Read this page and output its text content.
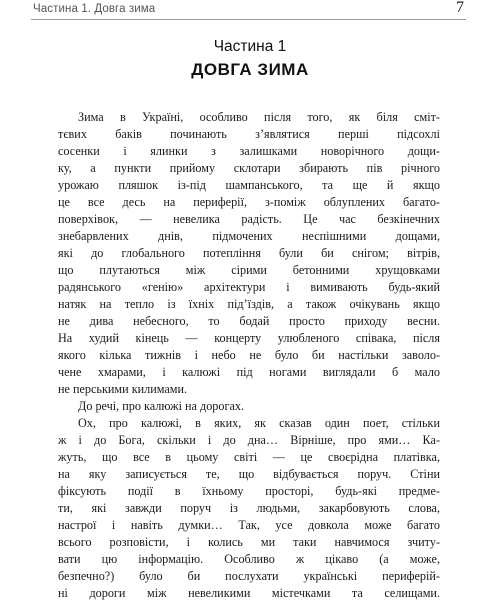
Частина 1. Довга зима	7
Частина 1
ДОВГА ЗИМА
Зима в Україні, особливо після того, як біля смiт-
тєвих баків починають з’являтися перші підсохлі
сосенки і ялинки з залишками новорічного дощи-
ку, а пункти прийому склотари збирають пів річного
урожаю пляшок із-під шампанського, та ще й якщо
це все десь на периферії, з-поміж облуплених багато-
поверхівок, — невелика радість. Це час безкінечних
знебарвлених днів, підмочених неспішними дощами,
які до глобального потепління були би снігом; вітрів,
що плутаються між сірими бетонними хрущовками
радянського «генію» архітектури і вимивають будь-який
натяк на тепло із їхніх під’їздів, а також очікувань якщо
не дива небесного, то бодай просто приходу весни.
На худий кінець — концерту улюбленого співака, після
якого кілька тижнів і небо не було би настільки заволо-
чене хмарами, і калюжі під ногами виглядали б мало
не перськими килимами.
До речі, про калюжі на дорогах.
Ох, про калюжі, в яких, як сказав один поет, стільки
ж і до Бога, скільки і до дна… Вірніше, про ями… Ка-
жуть, що все в цьому світі — це своєрідна платівка,
на яку записується те, що відбувається поруч. Стіни
фіксують події в їхньому просторі, будь-які предме-
ти, які завжди поруч із людьми, закарбовують слова,
настрої і навіть думки… Так, усе довкола може багато
всього розповісти, і колись ми таки навчимося зчиту-
вати цю інформацію. Особливо ж цікаво (а може,
безпечно?) було би послухати українські периферій-
ні дороги між невеликими містечками та селищами.
